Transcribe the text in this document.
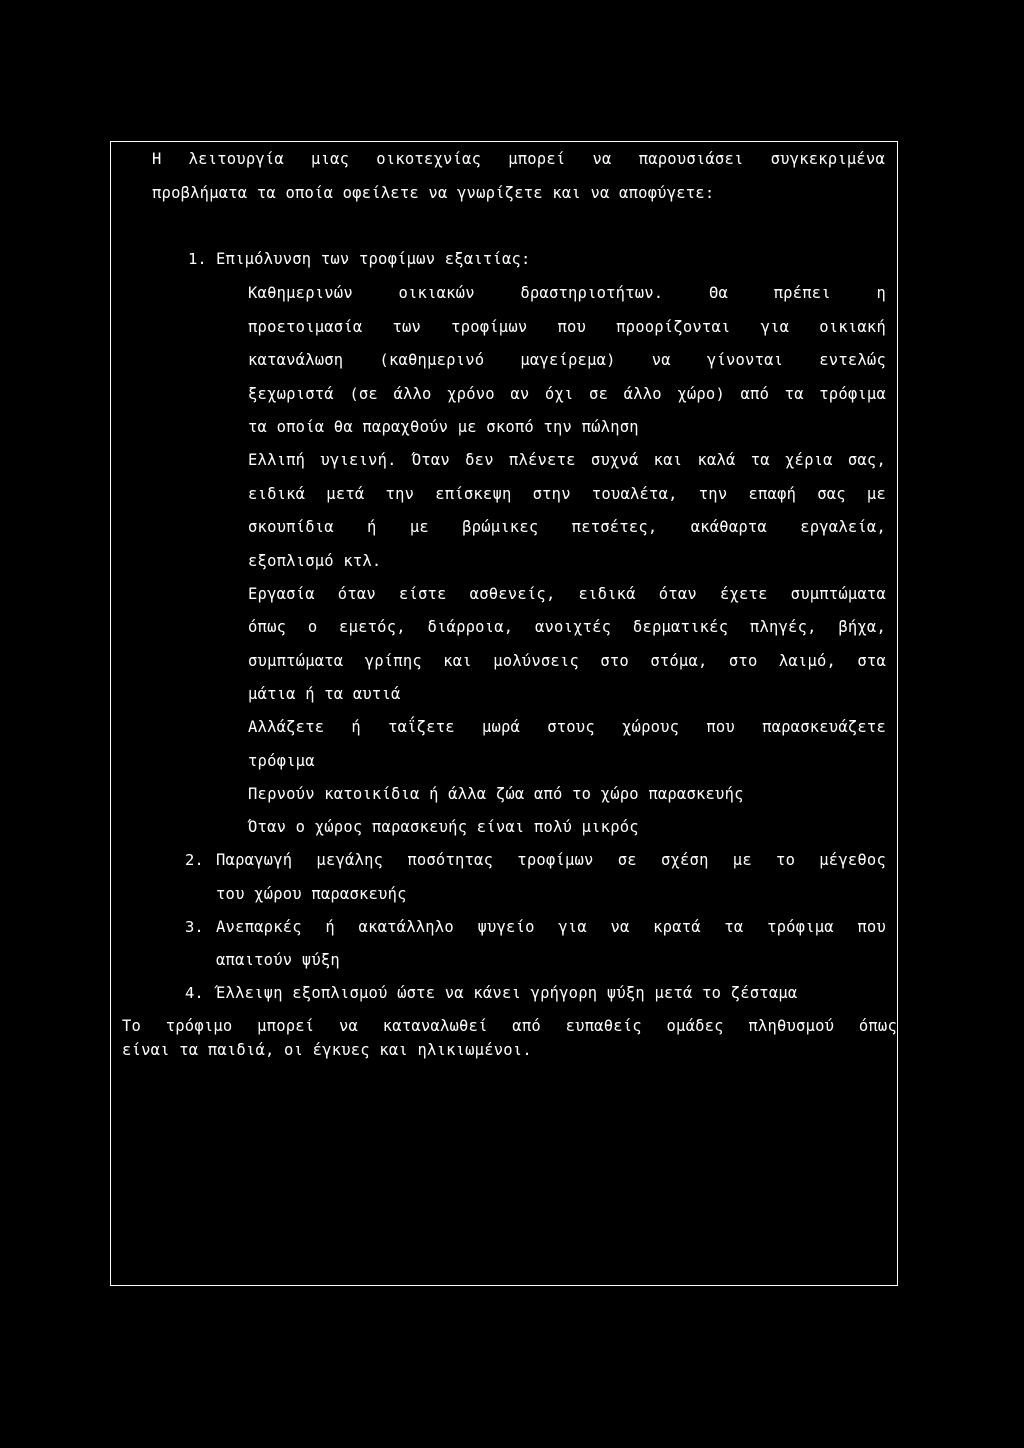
Η λειτουργία μιας οικοτεχνίας μπορεί να παρουσιάσει συγκεκριμένα
προβλήματα τα οποία οφείλετε να γνωρίζετε και να αποφύγετε:
1. Επιμόλυνση των τροφίμων εξαιτίας:
Καθημερινών οικιακών δραστηριοτήτων. Θα πρέπει η
προετοιμασία των τροφίμων που προορίζονται για οικιακή
κατανάλωση (καθημερινό μαγείρεμα) να γίνονται εντελώς
ξεχωριστά (σε άλλο χρόνο αν όχι σε άλλο χώρο) από τα τρόφιμα
τα οποία θα παραχθούν με σκοπό την πώληση
Ελλιπή υγιεινή. Όταν δεν πλένετε συχνά και καλά τα χέρια σας,
ειδικά μετά την επίσκεψη στην τουαλέτα, την επαφή σας με
σκουπίδια ή με βρώμικες πετσέτες, ακάθαρτα εργαλεία,
εξοπλισμό κτλ.
Εργασία όταν είστε ασθενείς, ειδικά όταν έχετε συμπτώματα
όπως ο εμετός, διάρροια, ανοιχτές δερματικές πληγές, βήχα,
συμπτώματα γρίπης και μολύνσεις στο στόμα, στο λαιμό, στα
μάτια ή τα αυτιά
Αλλάζετε ή ταΐζετε μωρά στους χώρους που παρασκευάζετε
τρόφιμα
Περνούν κατοικίδια ή άλλα ζώα από το χώρο παρασκευής
Όταν ο χώρος παρασκευής είναι πολύ μικρός
2. Παραγωγή μεγάλης ποσότητας τροφίμων σε σχέση με το μέγεθος
του χώρου παρασκευής
3. Ανεπαρκές ή ακατάλληλο ψυγείο για να κρατά τα τρόφιμα που
απαιτούν ψύξη
4. Έλλειψη εξοπλισμού ώστε να κάνει γρήγορη ψύξη μετά το ζέσταμα
Το τρόφιμο μπορεί να καταναλωθεί από ευπαθείς ομάδες πληθυσμού όπως
είναι τα παιδιά, οι έγκυες και ηλικιωμένοι.
